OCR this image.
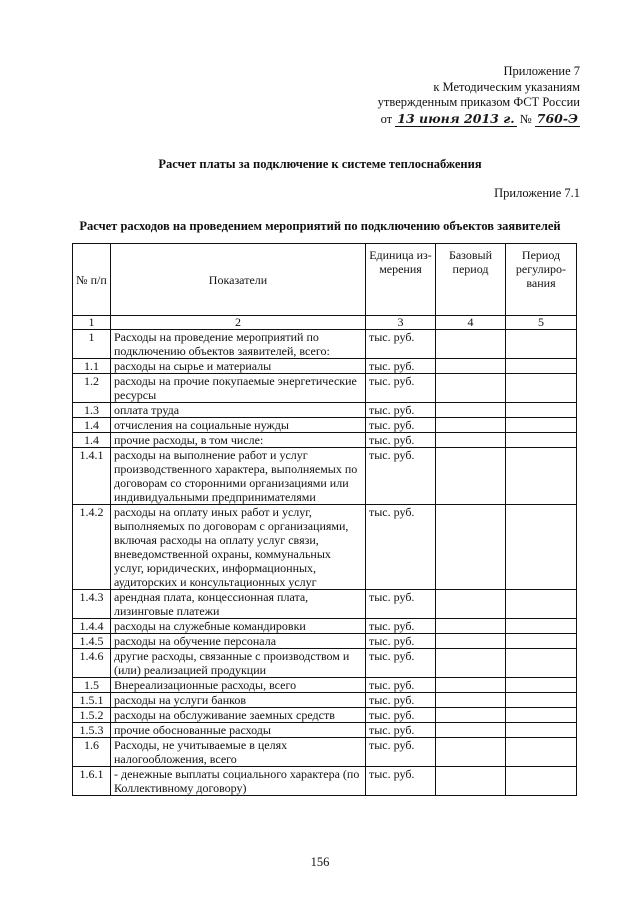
Приложение 7
к Методическим указаниям
утвержденным приказом ФСТ России
от 13 июня 2013 г. № 760-Э
Расчет платы за подключение к системе теплоснабжения
Приложение 7.1
Расчет расходов на проведением мероприятий по подключению объектов заявителей
№ п/п	Показатели	Единица из-мерения	Базовый период	Период регулиро-вания
1	2	3	4	5
1	Расходы на проведение мероприятий по подключению объектов заявителей, всего:	тыс. руб.		
1.1	расходы на сырье и материалы	тыс. руб.		
1.2	расходы на прочие покупаемые энергетические ресурсы	тыс. руб.		
1.3	оплата труда	тыс. руб.		
1.4	отчисления на социальные нужды	тыс. руб.		
1.4	прочие расходы, в том числе:	тыс. руб.		
1.4.1	расходы на выполнение работ и услуг производственного характера, выполняемых по договорам со сторонними организациями или индивидуальными предпринимателями	тыс. руб.		
1.4.2	расходы на оплату иных работ и услуг, выполняемых по договорам с организациями, включая расходы на оплату услуг связи, вневедомственной охраны, коммунальных услуг, юридических, информационных, аудиторских и консультационных услуг	тыс. руб.		
1.4.3	арендная плата, концессионная плата, лизинговые платежи	тыс. руб.		
1.4.4	расходы на служебные командировки	тыс. руб.		
1.4.5	расходы на обучение персонала	тыс. руб.		
1.4.6	другие расходы, связанные с производством и (или) реализацией продукции	тыс. руб.		
1.5	Внереализационные расходы, всего	тыс. руб.		
1.5.1	расходы на услуги банков	тыс. руб.		
1.5.2	расходы на обслуживание заемных средств	тыс. руб.		
1.5.3	прочие обоснованные расходы	тыс. руб.		
1.6	Расходы, не учитываемые в целях налогообложения, всего	тыс. руб.		
1.6.1	- денежные выплаты социального характера (по Коллективному договору)	тыс. руб.		
156
